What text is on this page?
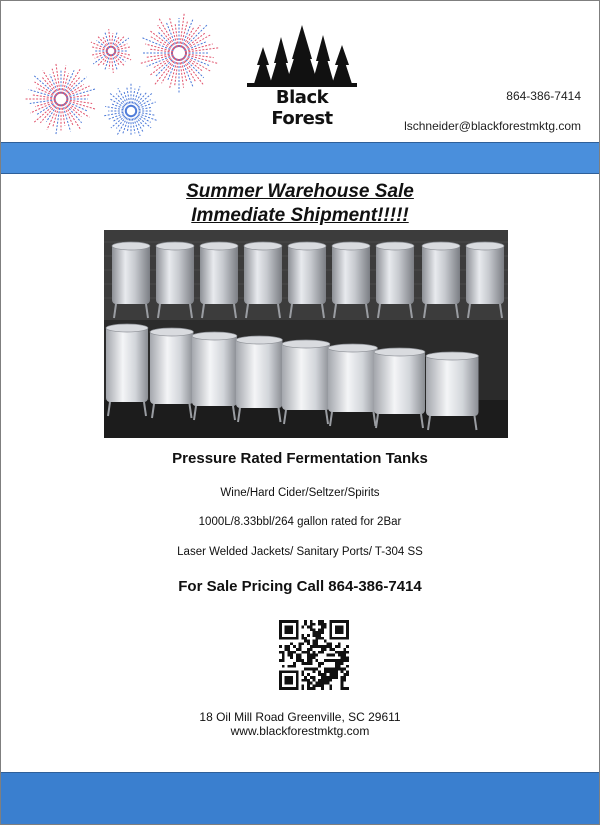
Black Forest
864-386-7414
lschneider@blackforestmktg.com
Summer Warehouse Sale
Immediate Shipment!!!!!
Pressure Rated Fermentation Tanks
Wine/Hard Cider/Seltzer/Spirits
1000L/8.33bbl/264 gallon rated for 2Bar
Laser Welded Jackets/ Sanitary Ports/ T-304 SS
For Sale Pricing Call 864-386-7414
18 Oil Mill Road Greenville, SC 29611
www.blackforestmktg.com
